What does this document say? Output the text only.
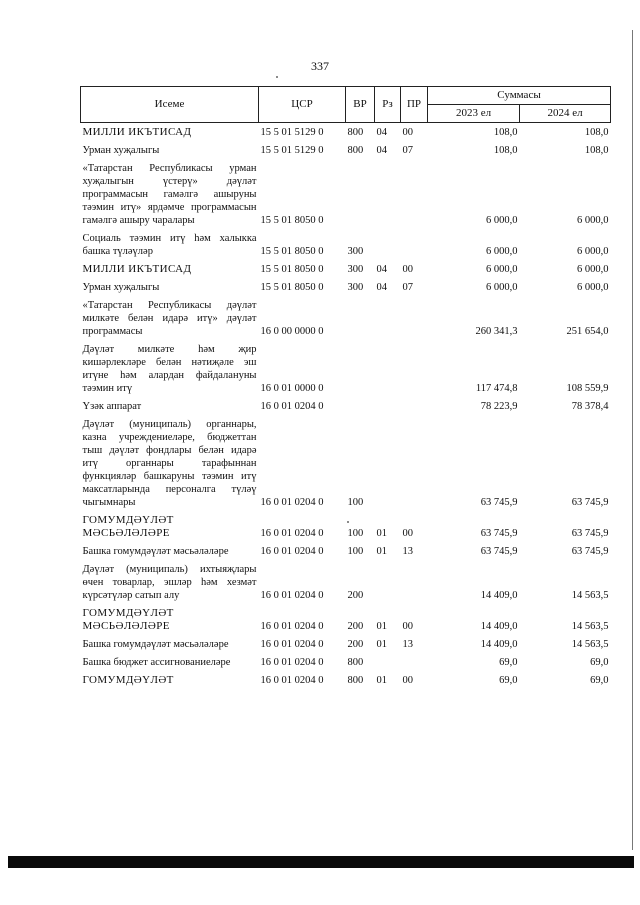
337
Исеме	ЦСР	ВР	Рз	ПР	Суммасы	
					2023 ел	2024 ел
МИЛЛИ ИКЪТИСАД	15 5 01 5129 0	800	04	00	108,0	108,0
Урман хуҗалыгы	15 5 01 5129 0	800	04	07	108,0	108,0
«Татарстан Республикасы урман хуҗалыгын үстерү» дәүләт программасын гамәлгә ашыруны тәэмин итү» ярдәмче программасын гамәлгә ашыру чаралары	15 5 01 8050 0				6 000,0	6 000,0
Социаль тәэмин итү һәм халыкка башка түләүләр	15 5 01 8050 0	300			6 000,0	6 000,0
МИЛЛИ ИКЪТИСАД	15 5 01 8050 0	300	04	00	6 000,0	6 000,0
Урман хуҗалыгы	15 5 01 8050 0	300	04	07	6 000,0	6 000,0
«Татарстан Республикасы дәүләт милкәте белән идарә итү» дәүләт программасы	16 0 00 0000 0				260 341,3	251 654,0
Дәүләт милкәте һәм җир кишәрлекләре белән нәтиҗәле эш итүне һәм алардан файдалануны тәэмин итү	16 0 01 0000 0				117 474,8	108 559,9
Үзәк аппарат	16 0 01 0204 0				78 223,9	78 378,4
Дәүләт (муниципаль) органнары, казна учреждениеләре, бюджеттан тыш дәүләт фондлары белән идарә итү органнары тарафыннан функцияләр башкаруны тәэмин итү максатларында персоналга түләү чыгымнары	16 0 01 0204 0	100			63 745,9	63 745,9
ГОМУМДӘҮЛӘТ МӘСЬӘЛӘЛӘРЕ	16 0 01 0204 0	100	01	00	63 745,9	63 745,9
Башка гомумдәүләт мәсьәләләре	16 0 01 0204 0	100	01	13	63 745,9	63 745,9
Дәүләт (муниципаль) ихтыяҗлары өчен товарлар, эшләр һәм хезмәт күрсәтүләр сатып алу	16 0 01 0204 0	200			14 409,0	14 563,5
ГОМУМДӘҮЛӘТ МӘСЬӘЛӘЛӘРЕ	16 0 01 0204 0	200	01	00	14 409,0	14 563,5
Башка гомумдәүләт мәсьәләләре	16 0 01 0204 0	200	01	13	14 409,0	14 563,5
Башка бюджет ассигнованиеләре	16 0 01 0204 0	800			69,0	69,0
ГОМУМДӘҮЛӘТ	16 0 01 0204 0	800	01	00	69,0	69,0
